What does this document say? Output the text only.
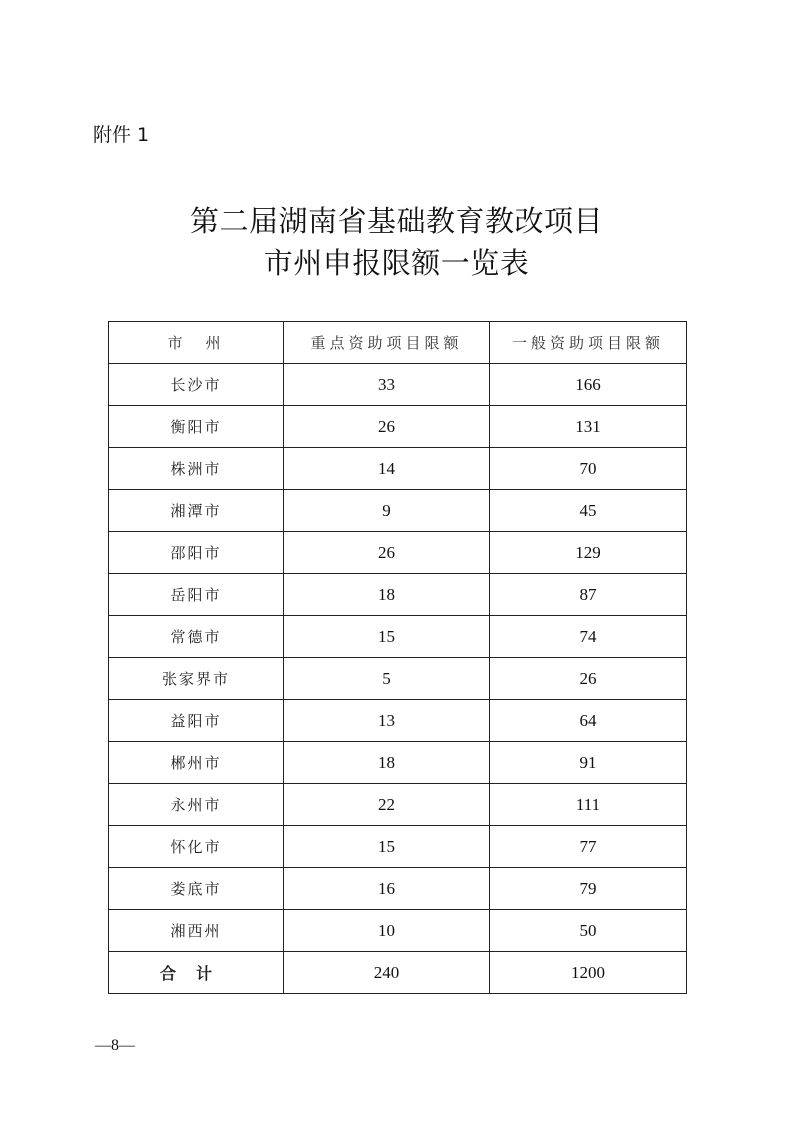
附件 1
第二届湖南省基础教育教改项目
市州申报限额一览表
市　州	重点资助项目限额	一般资助项目限额
长沙市	33	166
衡阳市	26	131
株洲市	14	70
湘潭市	9	45
邵阳市	26	129
岳阳市	18	87
常德市	15	74
张家界市	5	26
益阳市	13	64
郴州市	18	91
永州市	22	111
怀化市	15	77
娄底市	16	79
湘西州	10	50
合计	240	1200
—8—
